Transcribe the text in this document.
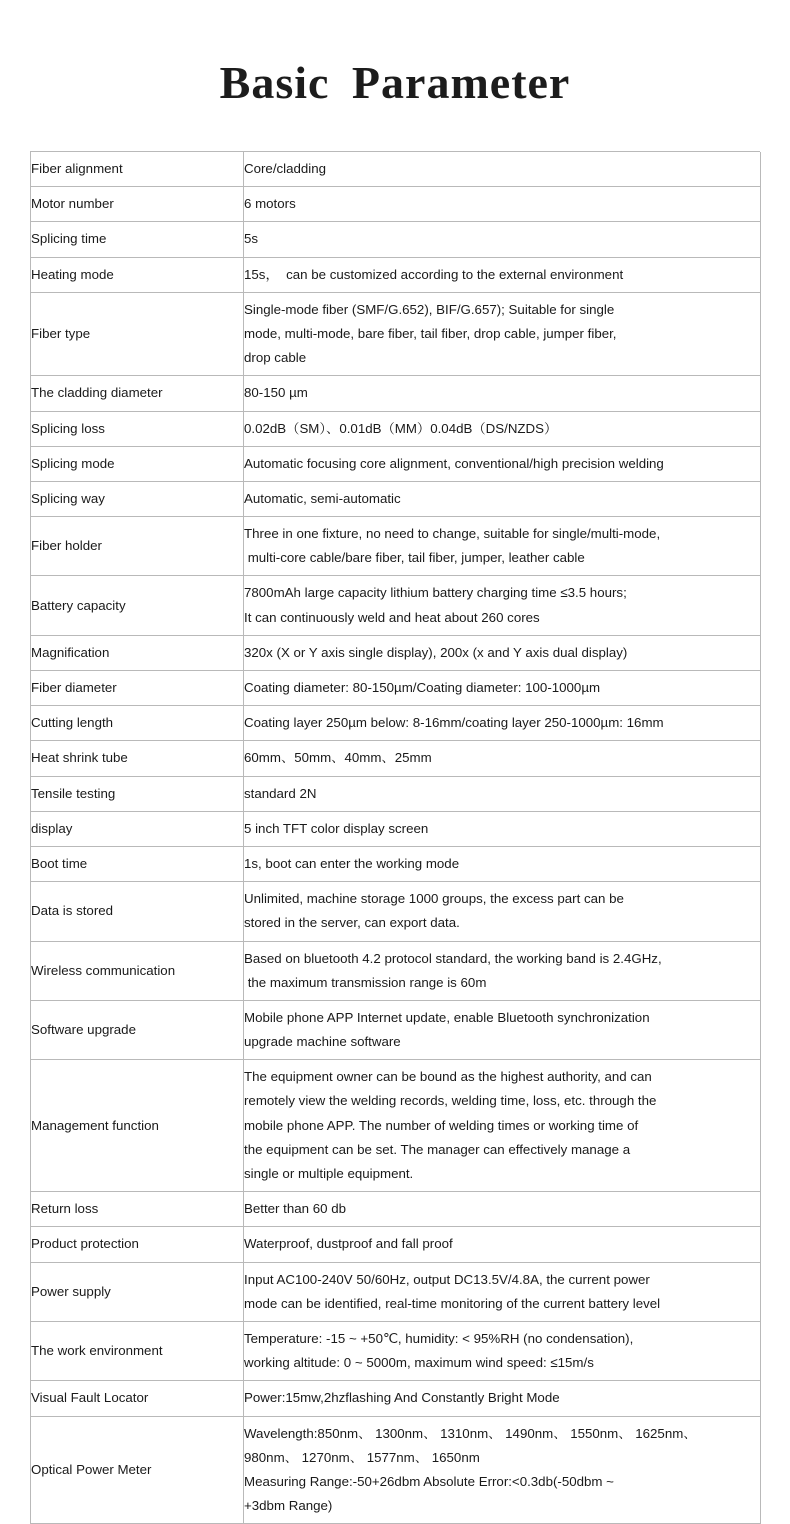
Basic Parameter
Fiber alignment	Core/cladding

Motor number	6 motors

Splicing time	5s

Heating mode	15s，  can be customized according to the external environment

Fiber type	Single-mode fiber (SMF/G.652), BIF/G.657); Suitable for single
mode, multi-mode, bare fiber, tail fiber, drop cable, jumper fiber,
drop cable

The cladding diameter	80-150 µm

Splicing loss	0.02dB（SM）、0.01dB（MM）0.04dB（DS/NZDS）

Splicing mode	Automatic focusing core alignment, conventional/high precision welding

Splicing way	Automatic, semi-automatic

Fiber holder	Three in one fixture, no need to change, suitable for single/multi-mode,
multi-core cable/bare fiber, tail fiber, jumper, leather cable

Battery capacity	7800mAh large capacity lithium battery charging time ≤3.5 hours;
It can continuously weld and heat about 260 cores

Magnification	320x (X or Y axis single display), 200x (x and Y axis dual display)

Fiber diameter	Coating diameter: 80-150µm/Coating diameter: 100-1000µm

Cutting length	Coating layer 250µm below: 8-16mm/coating layer 250-1000µm: 16mm

Heat shrink tube	60mm、50mm、40mm、25mm

Tensile testing	standard 2N

display	5 inch TFT color display screen

Boot time	1s, boot can enter the working mode

Data is stored	Unlimited, machine storage 1000 groups, the excess part can be
stored in the server, can export data.

Wireless communication	Based on bluetooth 4.2 protocol standard, the working band is 2.4GHz,
the maximum transmission range is 60m

Software upgrade	Mobile phone APP Internet update, enable Bluetooth synchronization
upgrade machine software

Management function	The equipment owner can be bound as the highest authority, and can
remotely view the welding records, welding time, loss, etc. through the
mobile phone APP. The number of welding times or working time of
the equipment can be set. The manager can effectively manage a
single or multiple equipment.

Return loss	Better than 60 db

Product protection	Waterproof, dustproof and fall proof

Power supply	Input AC100-240V 50/60Hz, output DC13.5V/4.8A, the current power
mode can be identified, real-time monitoring of the current battery level

The work environment	Temperature: -15 ~ +50℃, humidity: < 95%RH (no condensation),
working altitude: 0 ~ 5000m, maximum wind speed: ≤15m/s

Visual Fault Locator	Power:15mw,2hzflashing And Constantly Bright Mode

Optical Power Meter	Wavelength:850nm、 1300nm、 1310nm、 1490nm、 1550nm、 1625nm、
980nm、 1270nm、 1577nm、 1650nm
Measuring Range:-50+26dbm Absolute Error:<0.3db(-50dbm ~
+3dbm Range)
